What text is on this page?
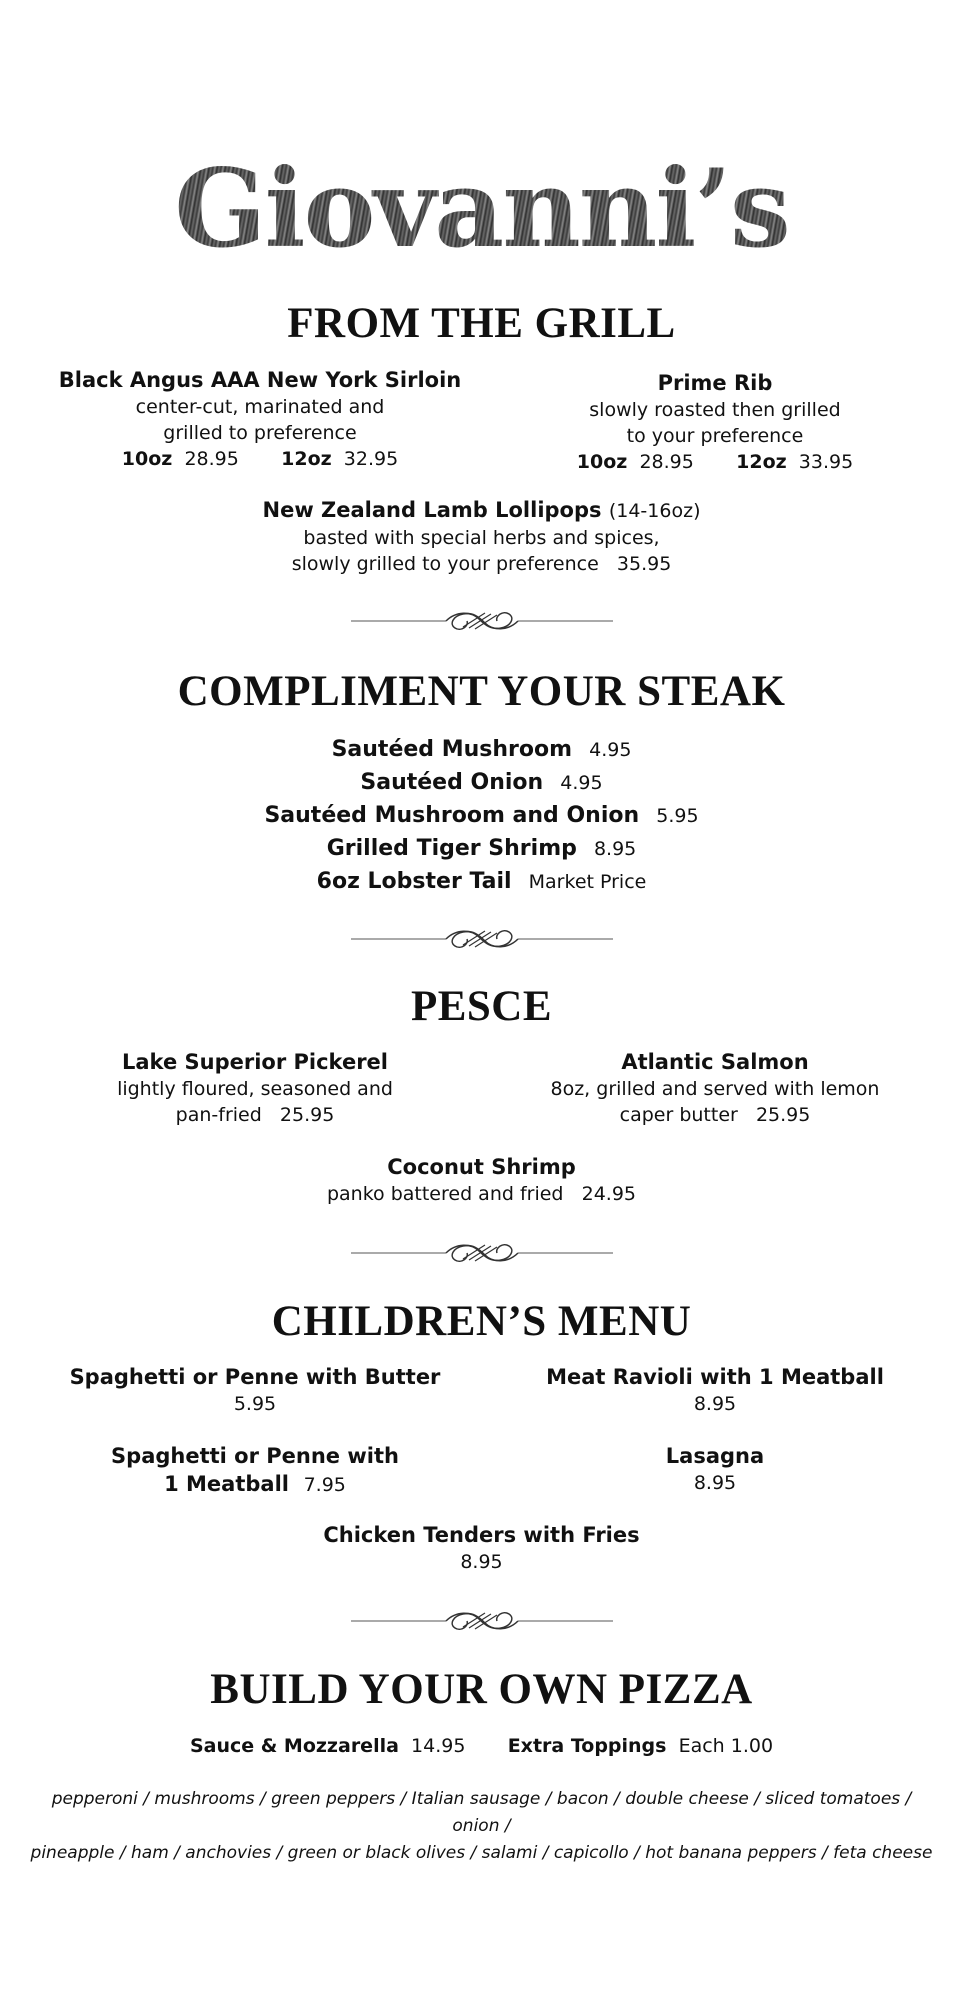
Giovanni’s
FROM THE GRILL
Black Angus AAA New York Sirloin
center-cut, marinated and
grilled to preference
10oz 28.95 12oz 32.95
Prime Rib
slowly roasted then grilled
to your preference
10oz 28.95 12oz 33.95
New Zealand Lamb Lollipops (14-16oz)
basted with special herbs and spices,
slowly grilled to your preference 35.95
COMPLIMENT YOUR STEAK
Sautéed Mushroom 4.95
Sautéed Onion 4.95
Sautéed Mushroom and Onion 5.95
Grilled Tiger Shrimp 8.95
6oz Lobster Tail Market Price
PESCE
Lake Superior Pickerel
lightly floured, seasoned and
pan-fried 25.95
Atlantic Salmon
8oz, grilled and served with lemon
caper butter 25.95
Coconut Shrimp
panko battered and fried 24.95
CHILDREN’S MENU
Spaghetti or Penne with Butter
5.95
Meat Ravioli with 1 Meatball
8.95
Spaghetti or Penne with
1 Meatball 7.95
Lasagna
8.95
Chicken Tenders with Fries
8.95
BUILD YOUR OWN PIZZA
Sauce & Mozzarella 14.95 Extra Toppings Each 1.00
pepperoni / mushrooms / green peppers / Italian sausage / bacon / double cheese / sliced tomatoes / onion /
pineapple / ham / anchovies / green or black olives / salami / capicollo / hot banana peppers / feta cheese
